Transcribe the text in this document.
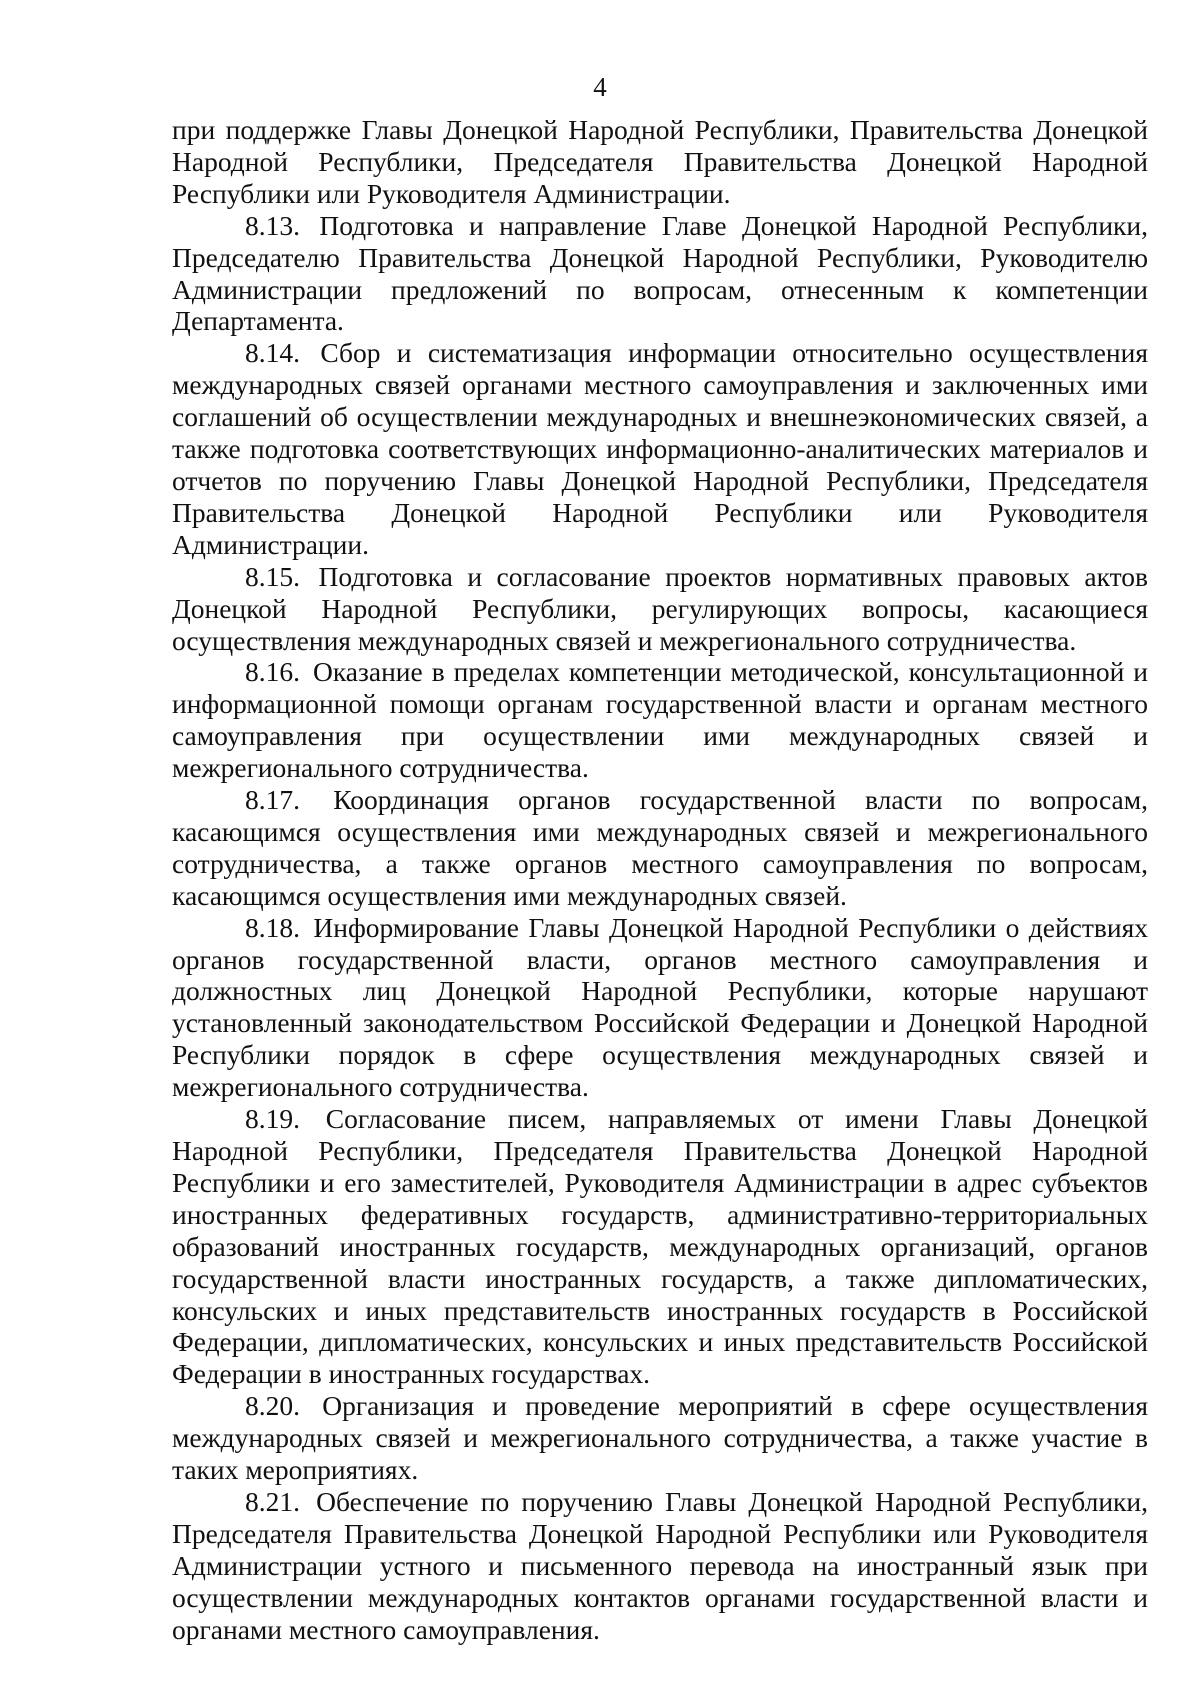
4

при поддержке Главы Донецкой Народной Республики, Правительства Донецкой Народной Республики, Председателя Правительства Донецкой Народной Республики или Руководителя Администрации.

8.13. Подготовка и направление Главе Донецкой Народной Республики, Председателю Правительства Донецкой Народной Республики, Руководителю Администрации предложений по вопросам, отнесенным к компетенции Департамента.

8.14. Сбор и систематизация информации относительно осуществления международных связей органами местного самоуправления и заключенных ими соглашений об осуществлении международных и внешнеэкономических связей, а также подготовка соответствующих информационно-аналитических материалов и отчетов по поручению Главы Донецкой Народной Республики, Председателя Правительства Донецкой Народной Республики или Руководителя Администрации.

8.15. Подготовка и согласование проектов нормативных правовых актов Донецкой Народной Республики, регулирующих вопросы, касающиеся осуществления международных связей и межрегионального сотрудничества.

8.16. Оказание в пределах компетенции методической, консультационной и информационной помощи органам государственной власти и органам местного самоуправления при осуществлении ими международных связей и межрегионального сотрудничества.

8.17. Координация органов государственной власти по вопросам, касающимся осуществления ими международных связей и межрегионального сотрудничества, а также органов местного самоуправления по вопросам, касающимся осуществления ими международных связей.

8.18. Информирование Главы Донецкой Народной Республики о действиях органов государственной власти, органов местного самоуправления и должностных лиц Донецкой Народной Республики, которые нарушают установленный законодательством Российской Федерации и Донецкой Народной Республики порядок в сфере осуществления международных связей и межрегионального сотрудничества.

8.19. Согласование писем, направляемых от имени Главы Донецкой Народной Республики, Председателя Правительства Донецкой Народной Республики и его заместителей, Руководителя Администрации в адрес субъектов иностранных федеративных государств, административно-территориальных образований иностранных государств, международных организаций, органов государственной власти иностранных государств, а также дипломатических, консульских и иных представительств иностранных государств в Российской Федерации, дипломатических, консульских и иных представительств Российской Федерации в иностранных государствах.

8.20. Организация и проведение мероприятий в сфере осуществления международных связей и межрегионального сотрудничества, а также участие в таких мероприятиях.

8.21. Обеспечение по поручению Главы Донецкой Народной Республики, Председателя Правительства Донецкой Народной Республики или Руководителя Администрации устного и письменного перевода на иностранный язык при осуществлении международных контактов органами государственной власти и органами местного самоуправления.
